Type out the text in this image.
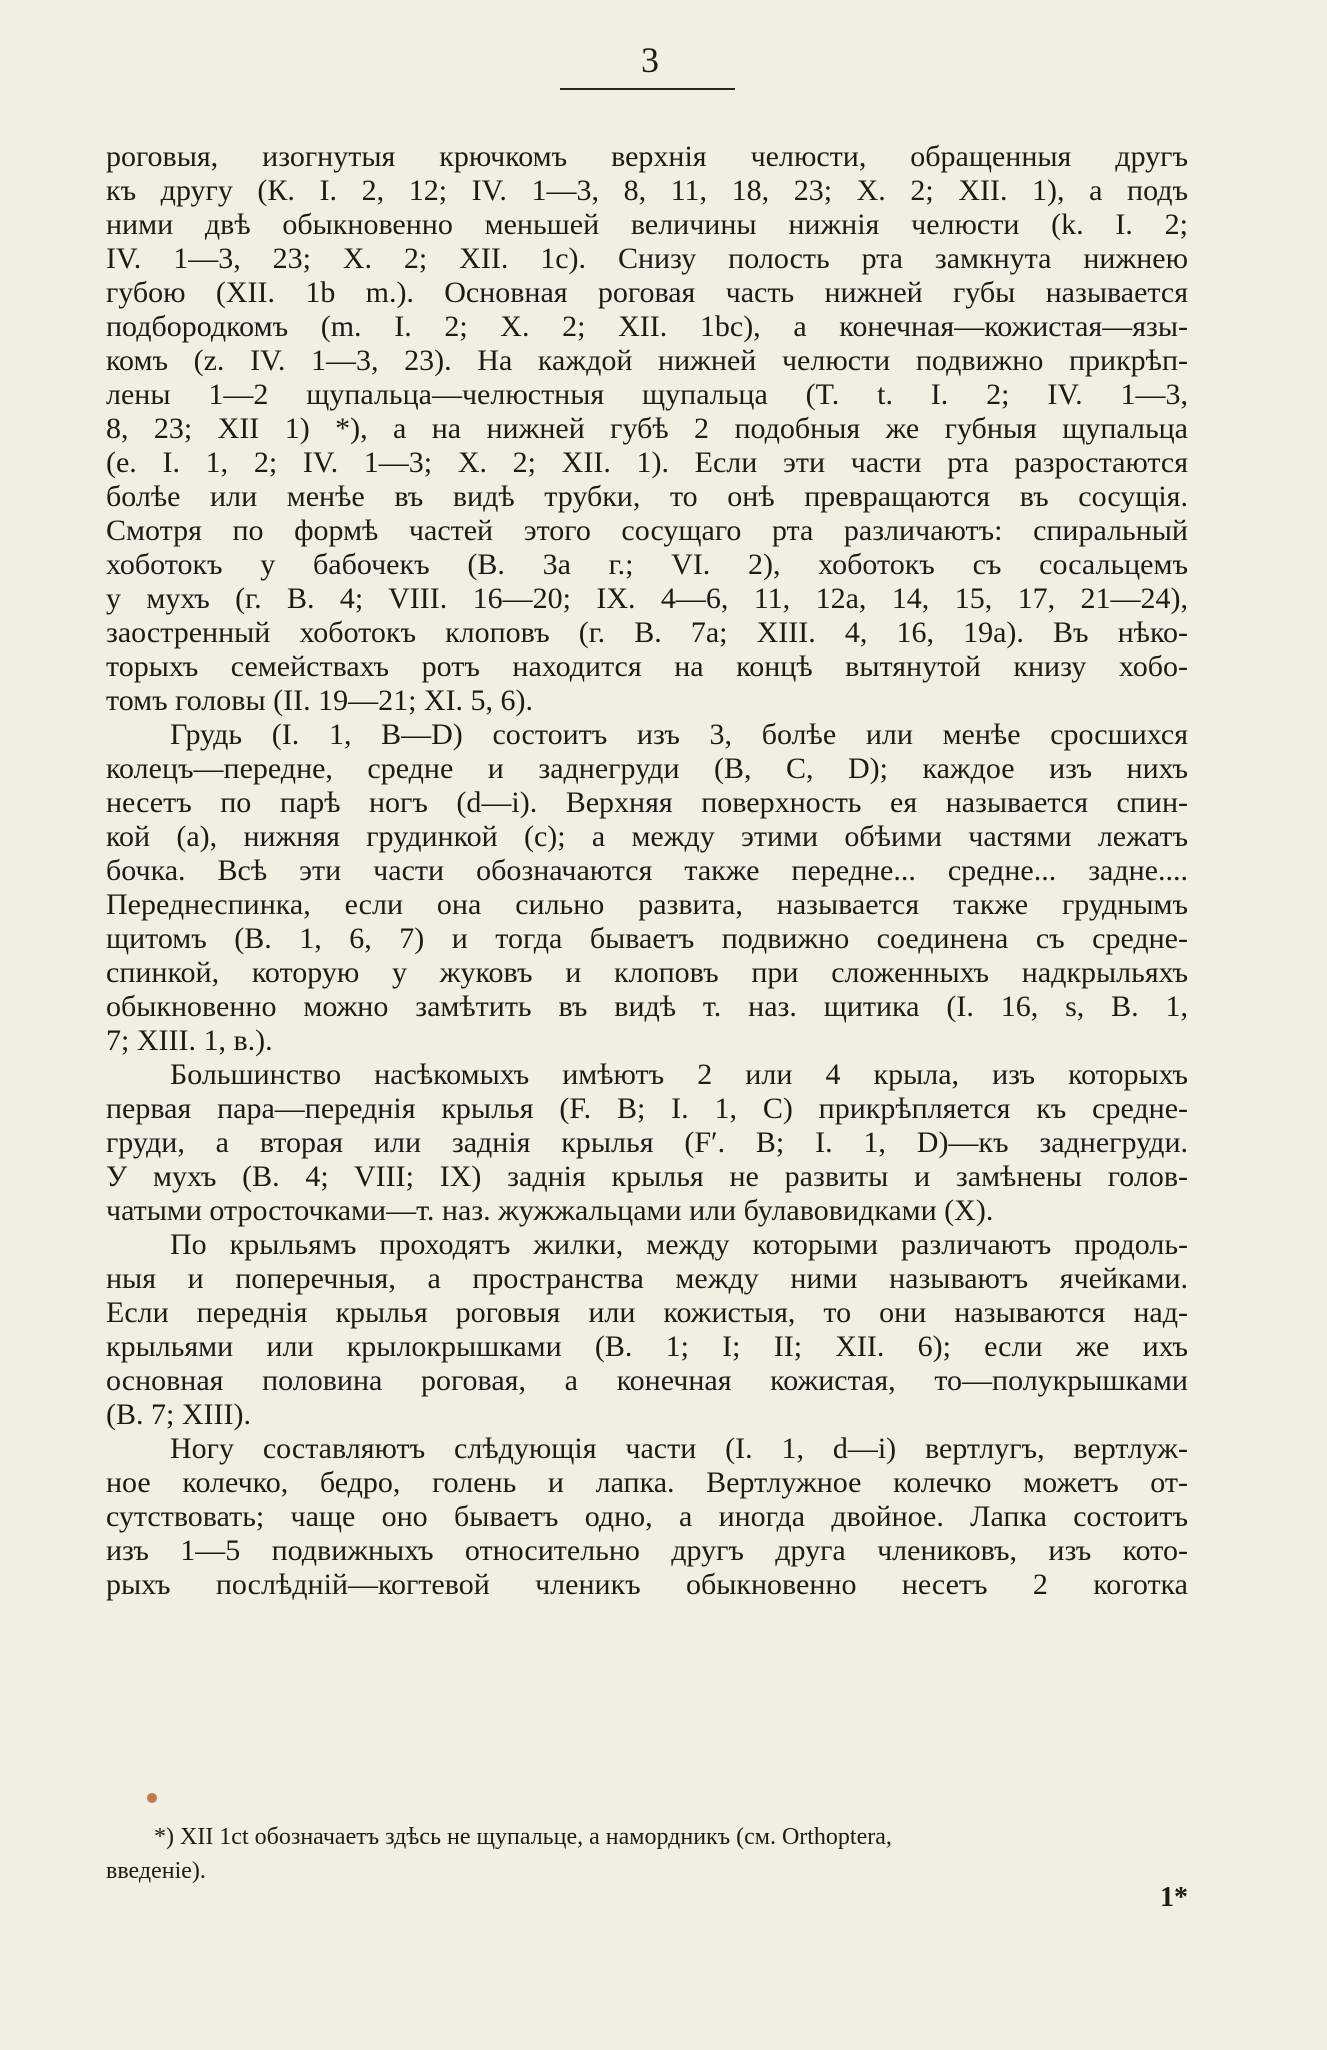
3
роговыя, изогнутыя крючкомъ верхнія челюсти, обращенныя другъ
къ другу (К. I. 2, 12; IV. 1—3, 8, 11, 18, 23; X. 2; XII. 1), а подъ
ними двѣ обыкновенно меньшей величины нижнія челюсти (k. I. 2;
IV. 1—3, 23; X. 2; XII. 1c). Снизу полость рта замкнута нижнею
губою (XII. 1b m.). Основная роговая часть нижней губы называется
подбородкомъ (m. I. 2; X. 2; XII. 1bc), а конечная—кожистая—язы-
комъ (z. IV. 1—3, 23). На каждой нижней челюсти подвижно прикрѣп-
лены 1—2 щупальца—челюстныя щупальца (T. t. I. 2; IV. 1—3,
8, 23; XII 1) *), а на нижней губѣ 2 подобныя же губныя щупальца
(e. I. 1, 2; IV. 1—3; X. 2; XII. 1). Если эти части рта разростаются
болѣе или менѣе въ видѣ трубки, то онѣ превращаются въ сосущія.
Смотря по формѣ частей этого сосущаго рта различаютъ: спиральный
хоботокъ у бабочекъ (B. 3a г.; VI. 2), хоботокъ съ сосальцемъ
у мухъ (г. B. 4; VIII. 16—20; IX. 4—6, 11, 12a, 14, 15, 17, 21—24),
заостренный хоботокъ клоповъ (г. B. 7a; XIII. 4, 16, 19a). Въ нѣко-
торыхъ семействахъ ротъ находится на концѣ вытянутой книзу хобо-
томъ головы (II. 19—21; XI. 5, 6).
Грудь (I. 1, B—D) состоитъ изъ 3, болѣе или менѣе сросшихся
колецъ—передне, средне и заднегруди (B, C, D); каждое изъ нихъ
несетъ по парѣ ногъ (d—i). Верхняя поверхность ея называется спин-
кой (a), нижняя грудинкой (c); а между этими обѣими частями лежатъ
бочка. Всѣ эти части обозначаются также передне... средне... задне....
Переднеспинка, если она сильно развита, называется также груднымъ
щитомъ (B. 1, 6, 7) и тогда бываетъ подвижно соединена съ средне-
спинкой, которую у жуковъ и клоповъ при сложенныхъ надкрыльяхъ
обыкновенно можно замѣтить въ видѣ т. наз. щитика (I. 16, s, B. 1,
7; XIII. 1, в.).
Большинство насѣкомыхъ имѣютъ 2 или 4 крыла, изъ которыхъ
первая пара—переднія крылья (F. B; I. 1, C) прикрѣпляется къ средне-
груди, а вторая или заднія крылья (F′. B; I. 1, D)—къ заднегруди.
У мухъ (B. 4; VIII; IX) заднія крылья не развиты и замѣнены голов-
чатыми отросточками—т. наз. жужжальцами или булавовидками (X).
По крыльямъ проходятъ жилки, между которыми различаютъ продоль-
ныя и поперечныя, а пространства между ними называютъ ячейками.
Если переднія крылья роговыя или кожистыя, то они называются над-
крыльями или крылокрышками (B. 1; I; II; XII. 6); если же ихъ
основная половина роговая, а конечная кожистая, то—полукрышками
(B. 7; XIII).
Ногу составляютъ слѣдующія части (I. 1, d—i) вертлугъ, вертлуж-
ное колечко, бедро, голень и лапка. Вертлужное колечко можетъ от-
сутствовать; чаще оно бываетъ одно, а иногда двойное. Лапка состоитъ
изъ 1—5 подвижныхъ относительно другъ друга члениковъ, изъ кото-
рыхъ послѣдній—когтевой членикъ обыкновенно несетъ 2 коготка
*) XII 1ct обозначаетъ здѣсь не щупальце, а намордникъ (см. Orthoptera,
введеніе).
1*
